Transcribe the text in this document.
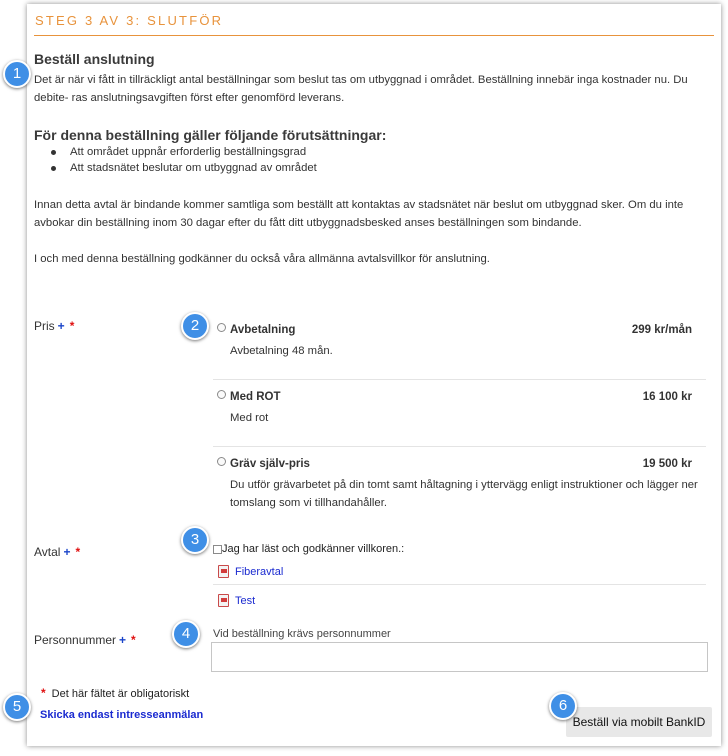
STEG 3 AV 3: SLUTFÖR
Beställ anslutning
Det är när vi fått in tillräckligt antal beställningar som beslut tas om utbyggnad i området. Beställning innebär inga kostnader nu. Du debite- ras anslutningsavgiften först efter genomförd leverans.
För denna beställning gäller följande förutsättningar:
Att området uppnår erforderlig beställningsgrad
Att stadsnätet beslutar om utbyggnad av området
Innan detta avtal är bindande kommer samtliga som beställt att kontaktas av stadsnätet när beslut om utbyggnad sker. Om du inte avbokar din beställning inom 30 dagar efter du fått ditt utbyggnadsbesked anses beställningen som bindande.
I och med denna beställning godkänner du också våra allmänna avtalsvillkor för anslutning.
Pris + *	Avbetalning	299 kr/mån
Avbetalning 48 mån.
Med ROT	16 100 kr
Med rot
Gräv själv-pris	19 500 kr
Du utför grävarbetet på din tomt samt håltagning i yttervägg enligt instruktioner och lägger ner tomslang som vi tillhandahåller.
Avtal + *	Jag har läst och godkänner villkoren.:
Fiberavtal
Test
Personnummer + *	Vid beställning krävs personnummer
* Det här fältet är obligatoriskt
Skicka endast intresseanmälan	Beställ via mobilt BankID
1
2
3
4
5	6
